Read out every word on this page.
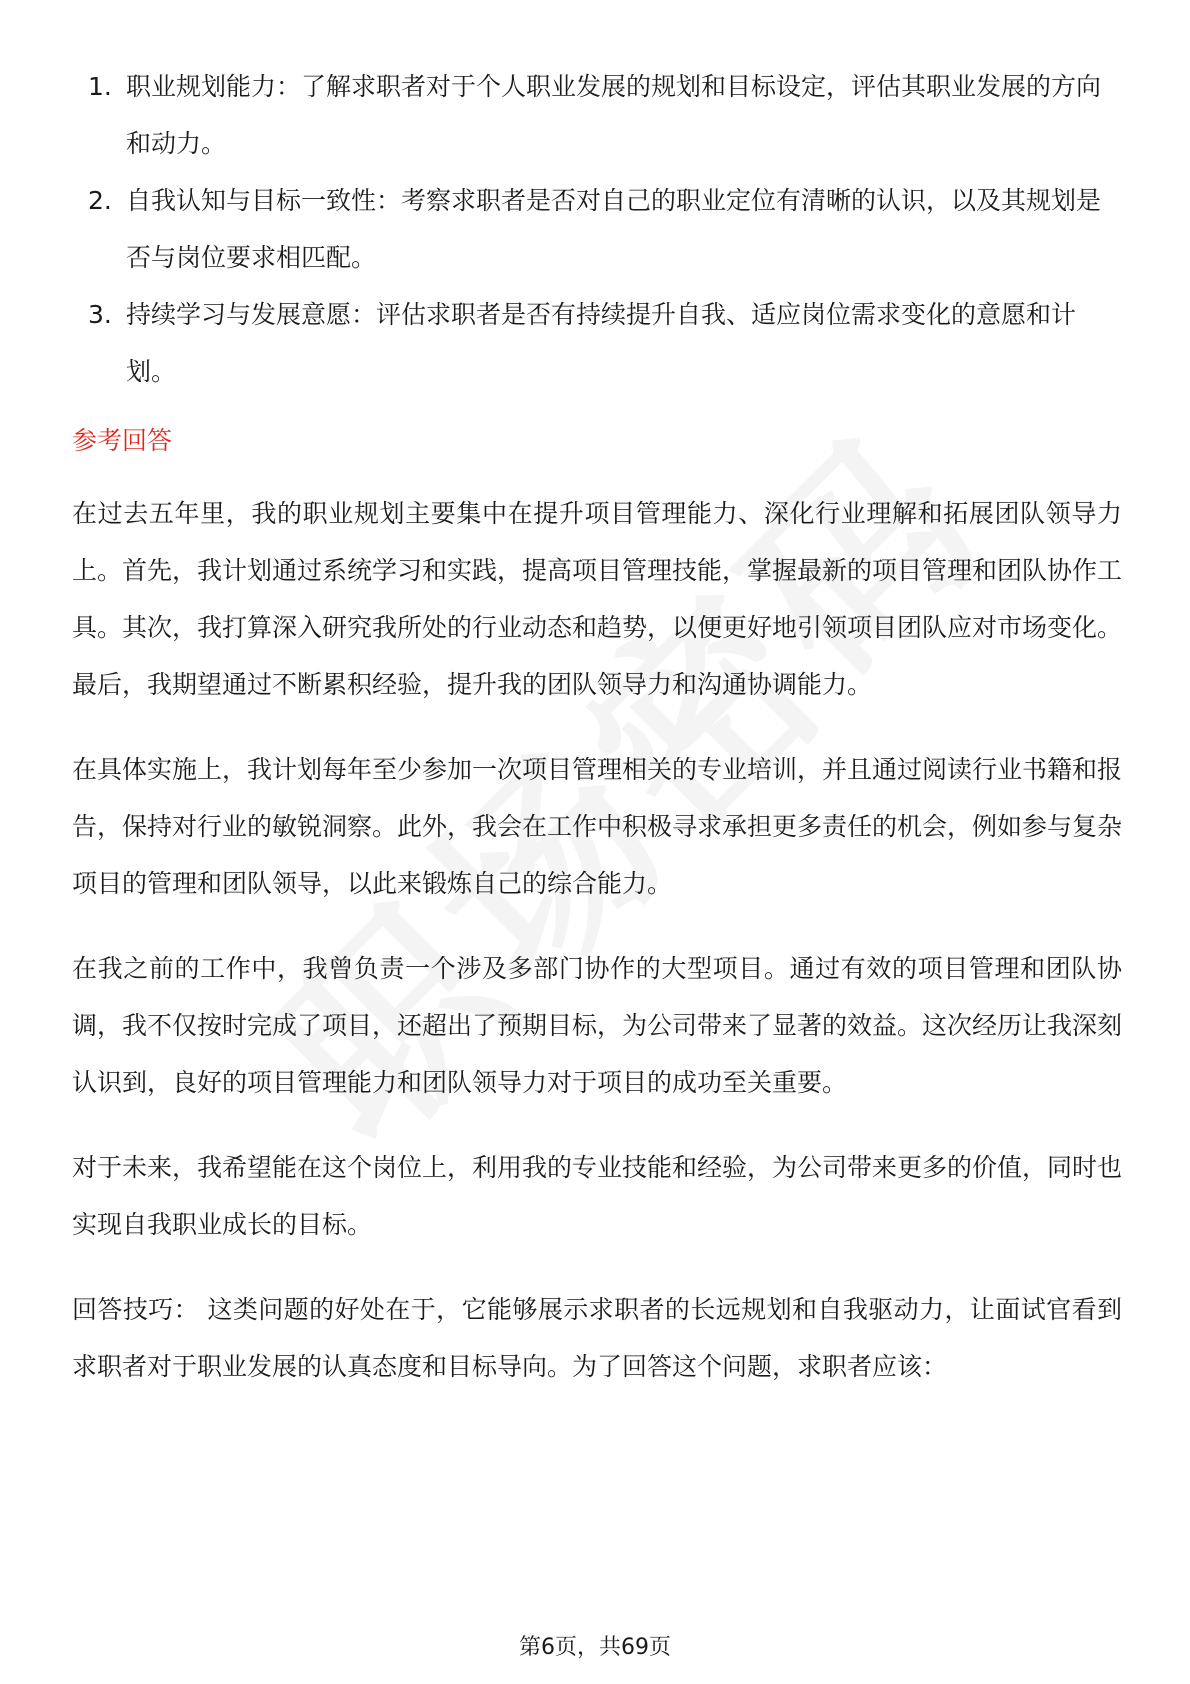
1. 职业规划能力：了解求职者对于个人职业发展的规划和目标设定，评估其职业发展的方向和动力。
2. 自我认知与目标一致性：考察求职者是否对自己的职业定位有清晰的认识，以及其规划是否与岗位要求相匹配。
3. 持续学习与发展意愿：评估求职者是否有持续提升自我、适应岗位需求变化的意愿和计划。
参考回答

在过去五年里，我的职业规划主要集中在提升项目管理能力、深化行业理解和拓展团队领导力上。首先，我计划通过系统学习和实践，提高项目管理技能，掌握最新的项目管理和团队协作工具。其次，我打算深入研究我所处的行业动态和趋势，以便更好地引领项目团队应对市场变化。最后，我期望通过不断累积经验，提升我的团队领导力和沟通协调能力。

在具体实施上，我计划每年至少参加一次项目管理相关的专业培训，并且通过阅读行业书籍和报告，保持对行业的敏锐洞察。此外，我会在工作中积极寻求承担更多责任的机会，例如参与复杂项目的管理和团队领导，以此来锻炼自己的综合能力。

在我之前的工作中，我曾负责一个涉及多部门协作的大型项目。通过有效的项目管理和团队协调，我不仅按时完成了项目，还超出了预期目标，为公司带来了显著的效益。这次经历让我深刻认识到，良好的项目管理能力和团队领导力对于项目的成功至关重要。

对于未来，我希望能在这个岗位上，利用我的专业技能和经验，为公司带来更多的价值，同时也实现自我职业成长的目标。

回答技巧： 这类问题的好处在于，它能够展示求职者的长远规划和自我驱动力，让面试官看到求职者对于职业发展的认真态度和目标导向。为了回答这个问题，求职者应该：

第6页，共69页
